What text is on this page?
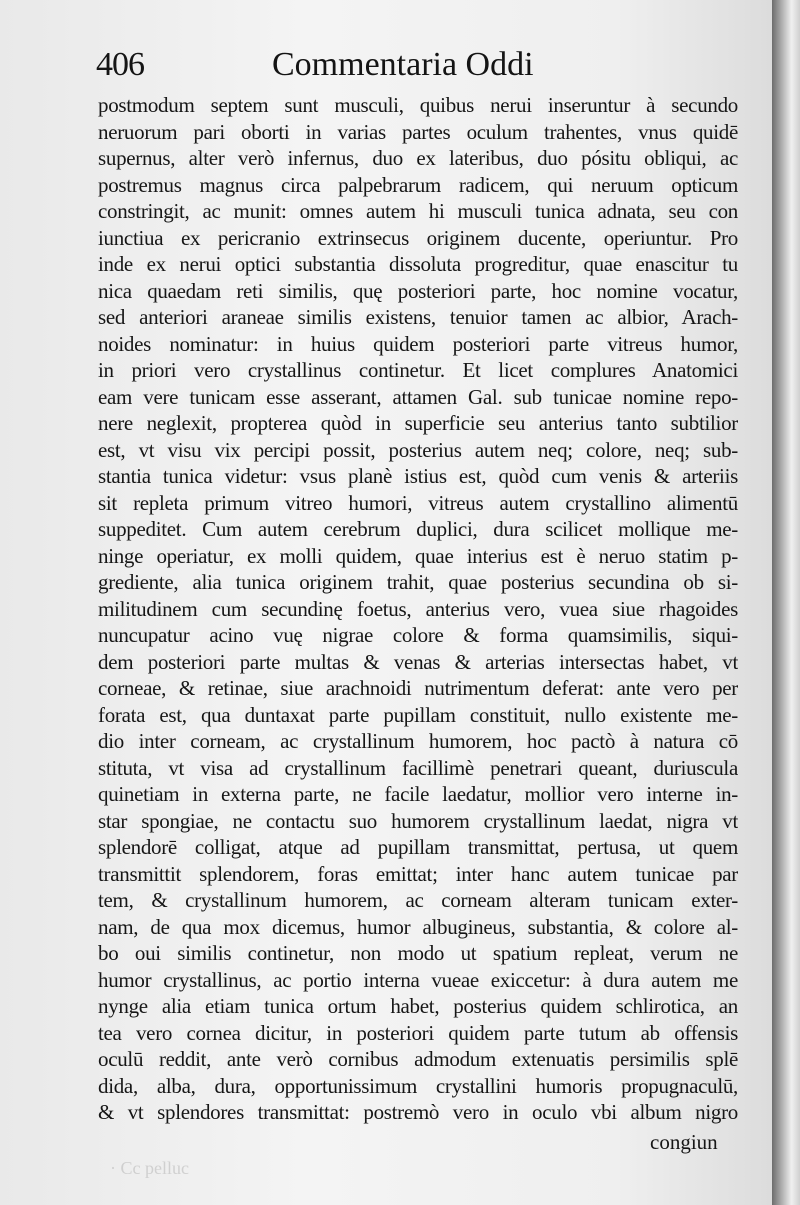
406	Commentaria Oddi
postmodum septem sunt musculi, quibus nerui inseruntur à secundo
neruorum pari oborti in varias partes oculum trahentes, vnus quidē
supernus, alter verò infernus, duo ex lateribus, duo pósitu obliqui, ac
postremus magnus circa palpebrarum radicem, qui neruum opticum
constringit, ac munit: omnes autem hi musculi tunica adnata, seu con
iunctiua ex pericranio extrinsecus originem ducente, operiuntur. Pro
inde ex nerui optici substantia dissoluta progreditur, quae enascitur tu
nica quaedam reti similis, quę posteriori parte, hoc nomine vocatur,
sed anteriori araneae similis existens, tenuior tamen ac albior, Arach-
noides nominatur: in huius quidem posteriori parte vitreus humor,
in priori vero crystallinus continetur. Et licet complures Anatomici
eam vere tunicam esse asserant, attamen Gal. sub tunicae nomine repo-
nere neglexit, propterea quòd in superficie seu anterius tanto subtilior
est, vt visu vix percipi possit, posterius autem neq; colore, neq; sub-
stantia tunica videtur: vsus planè istius est, quòd cum venis & arteriis
sit repleta primum vitreo humori, vitreus autem crystallino alimentū
suppeditet. Cum autem cerebrum duplici, dura scilicet mollique me-
ninge operiatur, ex molli quidem, quae interius est è neruo statim p-
grediente, alia tunica originem trahit, quae posterius secundina ob si-
militudinem cum secundinę foetus, anterius vero, vuea siue rhagoides
nuncupatur acino vuę nigrae colore & forma quamsimilis, siqui-
dem posteriori parte multas & venas & arterias intersectas habet, vt
corneae, & retinae, siue arachnoidi nutrimentum deferat: ante vero per
forata est, qua duntaxat parte pupillam constituit, nullo existente me-
dio inter corneam, ac crystallinum humorem, hoc pactò à natura cō
stituta, vt visa ad crystallinum facillimè penetrari queant, duriuscula
quinetiam in externa parte, ne facile laedatur, mollior vero interne in-
star spongiae, ne contactu suo humorem crystallinum laedat, nigra vt
splendorē colligat, atque ad pupillam transmittat, pertusa, ut quem
transmittit splendorem, foras emittat; inter hanc autem tunicae par
tem, & crystallinum humorem, ac corneam alteram tunicam exter-
nam, de qua mox dicemus, humor albugineus, substantia, & colore al-
bo oui similis continetur, non modo ut spatium repleat, verum ne
humor crystallinus, ac portio interna vueae exiccetur: à dura autem me
nynge alia etiam tunica ortum habet, posterius quidem schlirotica, an
tea vero cornea dicitur, in posteriori quidem parte tutum ab offensis
oculū reddit, ante verò cornibus admodum extenuatis persimilis splē
dida, alba, dura, opportunissimum crystallini humoris propugnaculū,
& vt splendores transmittat: postremò vero in oculo vbi album nigro
congiun
· Cc pelluc
